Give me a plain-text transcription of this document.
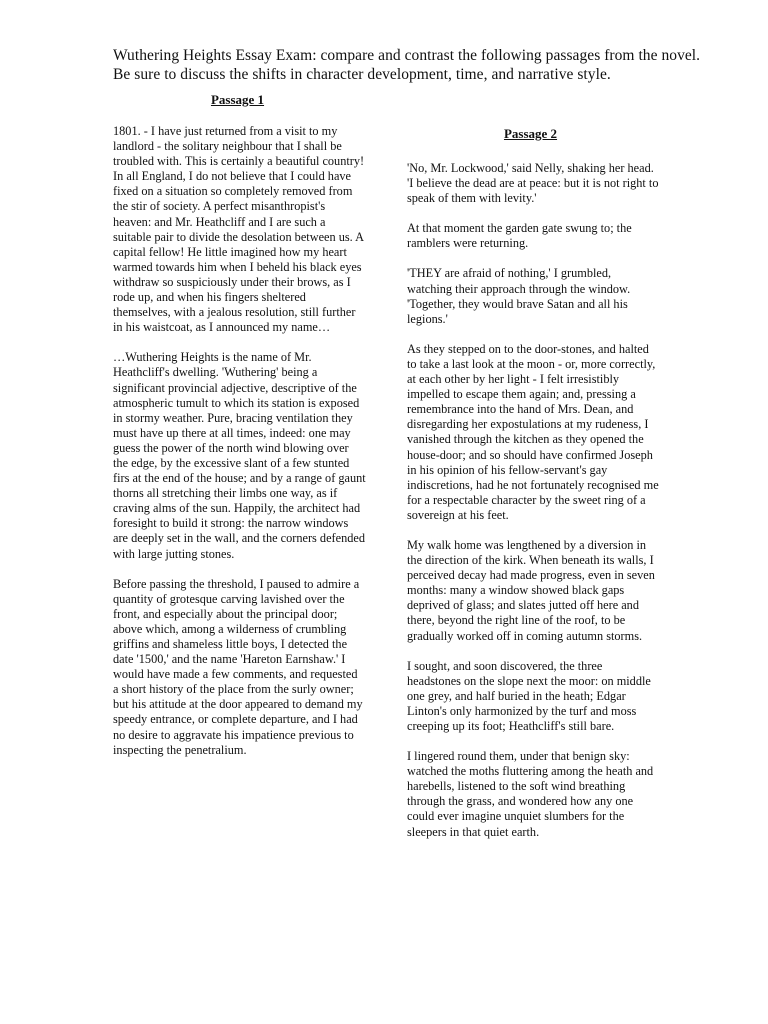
Wuthering Heights Essay Exam: compare and contrast the following passages from the novel. Be sure to discuss the shifts in character development, time, and narrative style.
Passage 1

1801. - I have just returned from a visit to my landlord - the solitary neighbour that I shall be troubled with. This is certainly a beautiful country! In all England, I do not believe that I could have fixed on a situation so completely removed from the stir of society. A perfect misanthropist's heaven: and Mr. Heathcliff and I are such a suitable pair to divide the desolation between us. A capital fellow! He little imagined how my heart warmed towards him when I beheld his black eyes withdraw so suspiciously under their brows, as I rode up, and when his fingers sheltered themselves, with a jealous resolution, still further in his waistcoat, as I announced my name…

…Wuthering Heights is the name of Mr. Heathcliff's dwelling. 'Wuthering' being a significant provincial adjective, descriptive of the atmospheric tumult to which its station is exposed in stormy weather. Pure, bracing ventilation they must have up there at all times, indeed: one may guess the power of the north wind blowing over the edge, by the excessive slant of a few stunted firs at the end of the house; and by a range of gaunt thorns all stretching their limbs one way, as if craving alms of the sun. Happily, the architect had foresight to build it strong: the narrow windows are deeply set in the wall, and the corners defended with large jutting stones.

Before passing the threshold, I paused to admire a quantity of grotesque carving lavished over the front, and especially about the principal door; above which, among a wilderness of crumbling griffins and shameless little boys, I detected the date '1500,' and the name 'Hareton Earnshaw.' I would have made a few comments, and requested a short history of the place from the surly owner; but his attitude at the door appeared to demand my speedy entrance, or complete departure, and I had no desire to aggravate his impatience previous to inspecting the penetralium.

Passage 2

'No, Mr. Lockwood,' said Nelly, shaking her head. 'I believe the dead are at peace: but it is not right to speak of them with levity.'

At that moment the garden gate swung to; the ramblers were returning.

'THEY are afraid of nothing,' I grumbled, watching their approach through the window. 'Together, they would brave Satan and all his legions.'

As they stepped on to the door-stones, and halted to take a last look at the moon - or, more correctly, at each other by her light - I felt irresistibly impelled to escape them again; and, pressing a remembrance into the hand of Mrs. Dean, and disregarding her expostulations at my rudeness, I vanished through the kitchen as they opened the house-door; and so should have confirmed Joseph in his opinion of his fellow-servant's gay indiscretions, had he not fortunately recognised me for a respectable character by the sweet ring of a sovereign at his feet.

My walk home was lengthened by a diversion in the direction of the kirk. When beneath its walls, I perceived decay had made progress, even in seven months: many a window showed black gaps deprived of glass; and slates jutted off here and there, beyond the right line of the roof, to be gradually worked off in coming autumn storms.

I sought, and soon discovered, the three headstones on the slope next the moor: on middle one grey, and half buried in the heath; Edgar Linton's only harmonized by the turf and moss creeping up its foot; Heathcliff's still bare.

I lingered round them, under that benign sky: watched the moths fluttering among the heath and harebells, listened to the soft wind breathing through the grass, and wondered how any one could ever imagine unquiet slumbers for the sleepers in that quiet earth.
